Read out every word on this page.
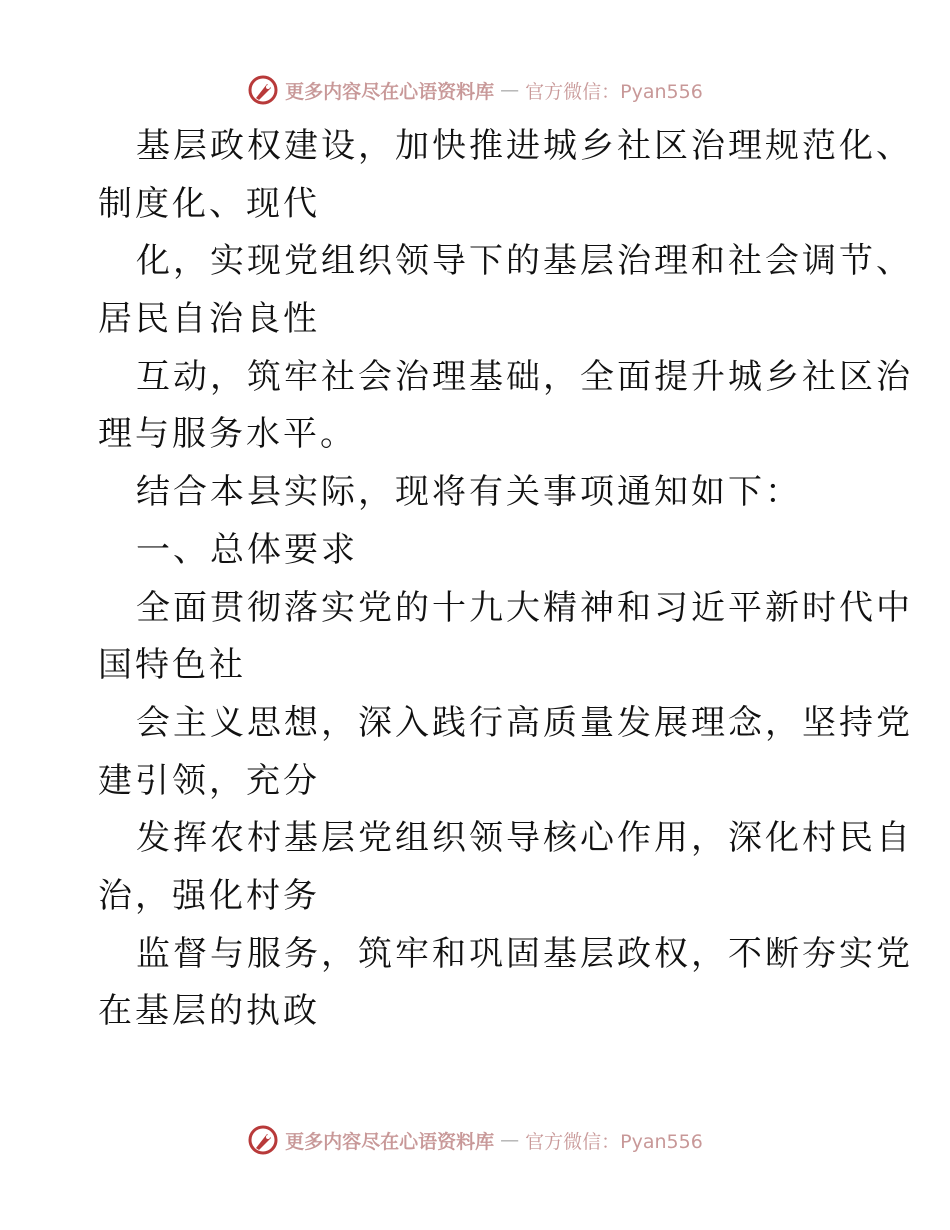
更多内容尽在心语资料库 — 官方微信：Pyan556
基层政权建设，加快推进城乡社区治理规范化、
制度化、现代
化，实现党组织领导下的基层治理和社会调节、
居民自治良性
互动，筑牢社会治理基础，全面提升城乡社区治
理与服务水平。
结合本县实际，现将有关事项通知如下：
一、总体要求
全面贯彻落实党的十九大精神和习近平新时代中
国特色社
会主义思想，深入践行高质量发展理念，坚持党
建引领，充分
发挥农村基层党组织领导核心作用，深化村民自
治，强化村务
监督与服务，筑牢和巩固基层政权，不断夯实党
在基层的执政
更多内容尽在心语资料库 — 官方微信：Pyan556
